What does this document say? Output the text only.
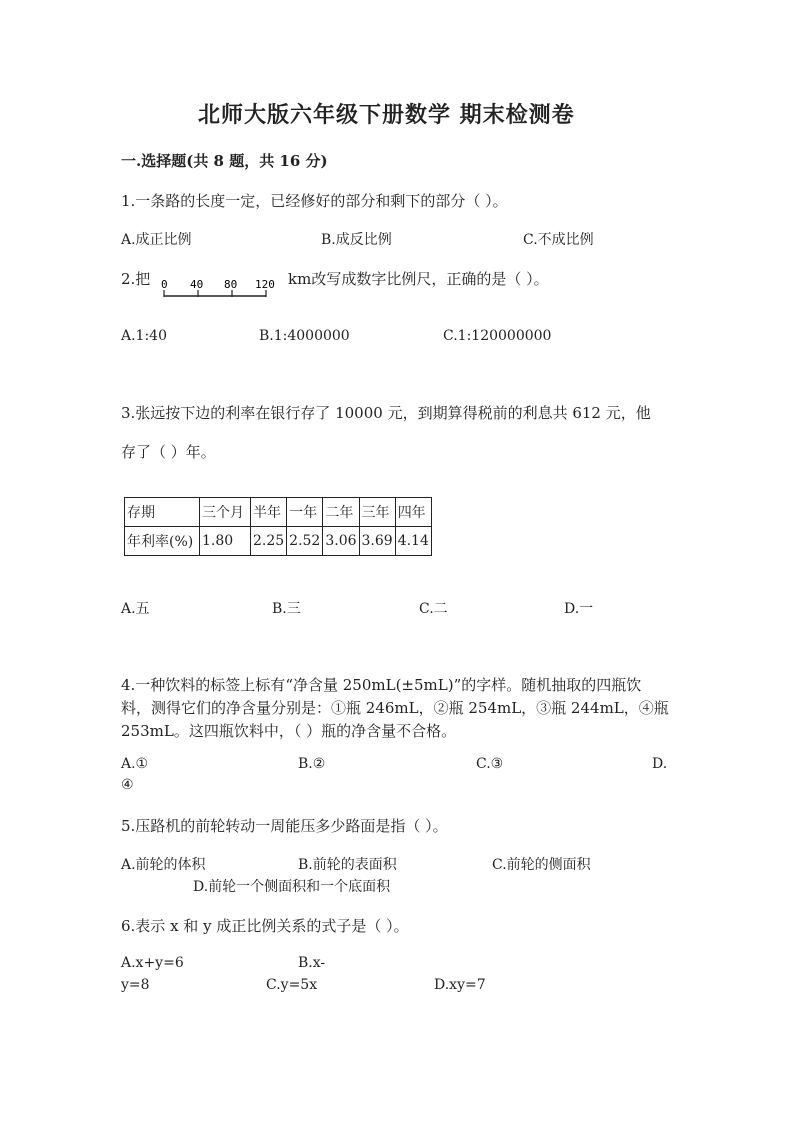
北师大版六年级下册数学 期末检测卷
一.选择题(共 8 题，共 16 分)
1.一条路的长度一定，已经修好的部分和剩下的部分（ ）。
A.成正比例	B.成反比例	C.不成比例
2.把 0 40 80 120 km改写成数字比例尺，正确的是（ ）。
A.1:40	B.1:4000000	C.1:120000000
3.张远按下边的利率在银行存了 10000 元，到期算得税前的利息共 612 元，他
存了（ ）年。
存期	三个月	半年	一年	二年	三年	四年
年利率(%)	1.80	2.25	2.52	3.06	3.69	4.14
A.五	B.三	C.二	D.一
4.一种饮料的标签上标有“净含量 250mL(±5mL)”的字样。随机抽取的四瓶饮
料，测得它们的净含量分别是：①瓶 246mL，②瓶 254mL，③瓶 244mL，④瓶
253mL。这四瓶饮料中，（ ）瓶的净含量不合格。
A.①	B.②	C.③	D.
④
5.压路机的前轮转动一周能压多少路面是指（ ）。
A.前轮的体积	B.前轮的表面积	C.前轮的侧面积
D.前轮一个侧面积和一个底面积
6.表示 x 和 y 成正比例关系的式子是（ ）。
A.x+y=6	B.x-
y=8	C.y=5x	D.xy=7
